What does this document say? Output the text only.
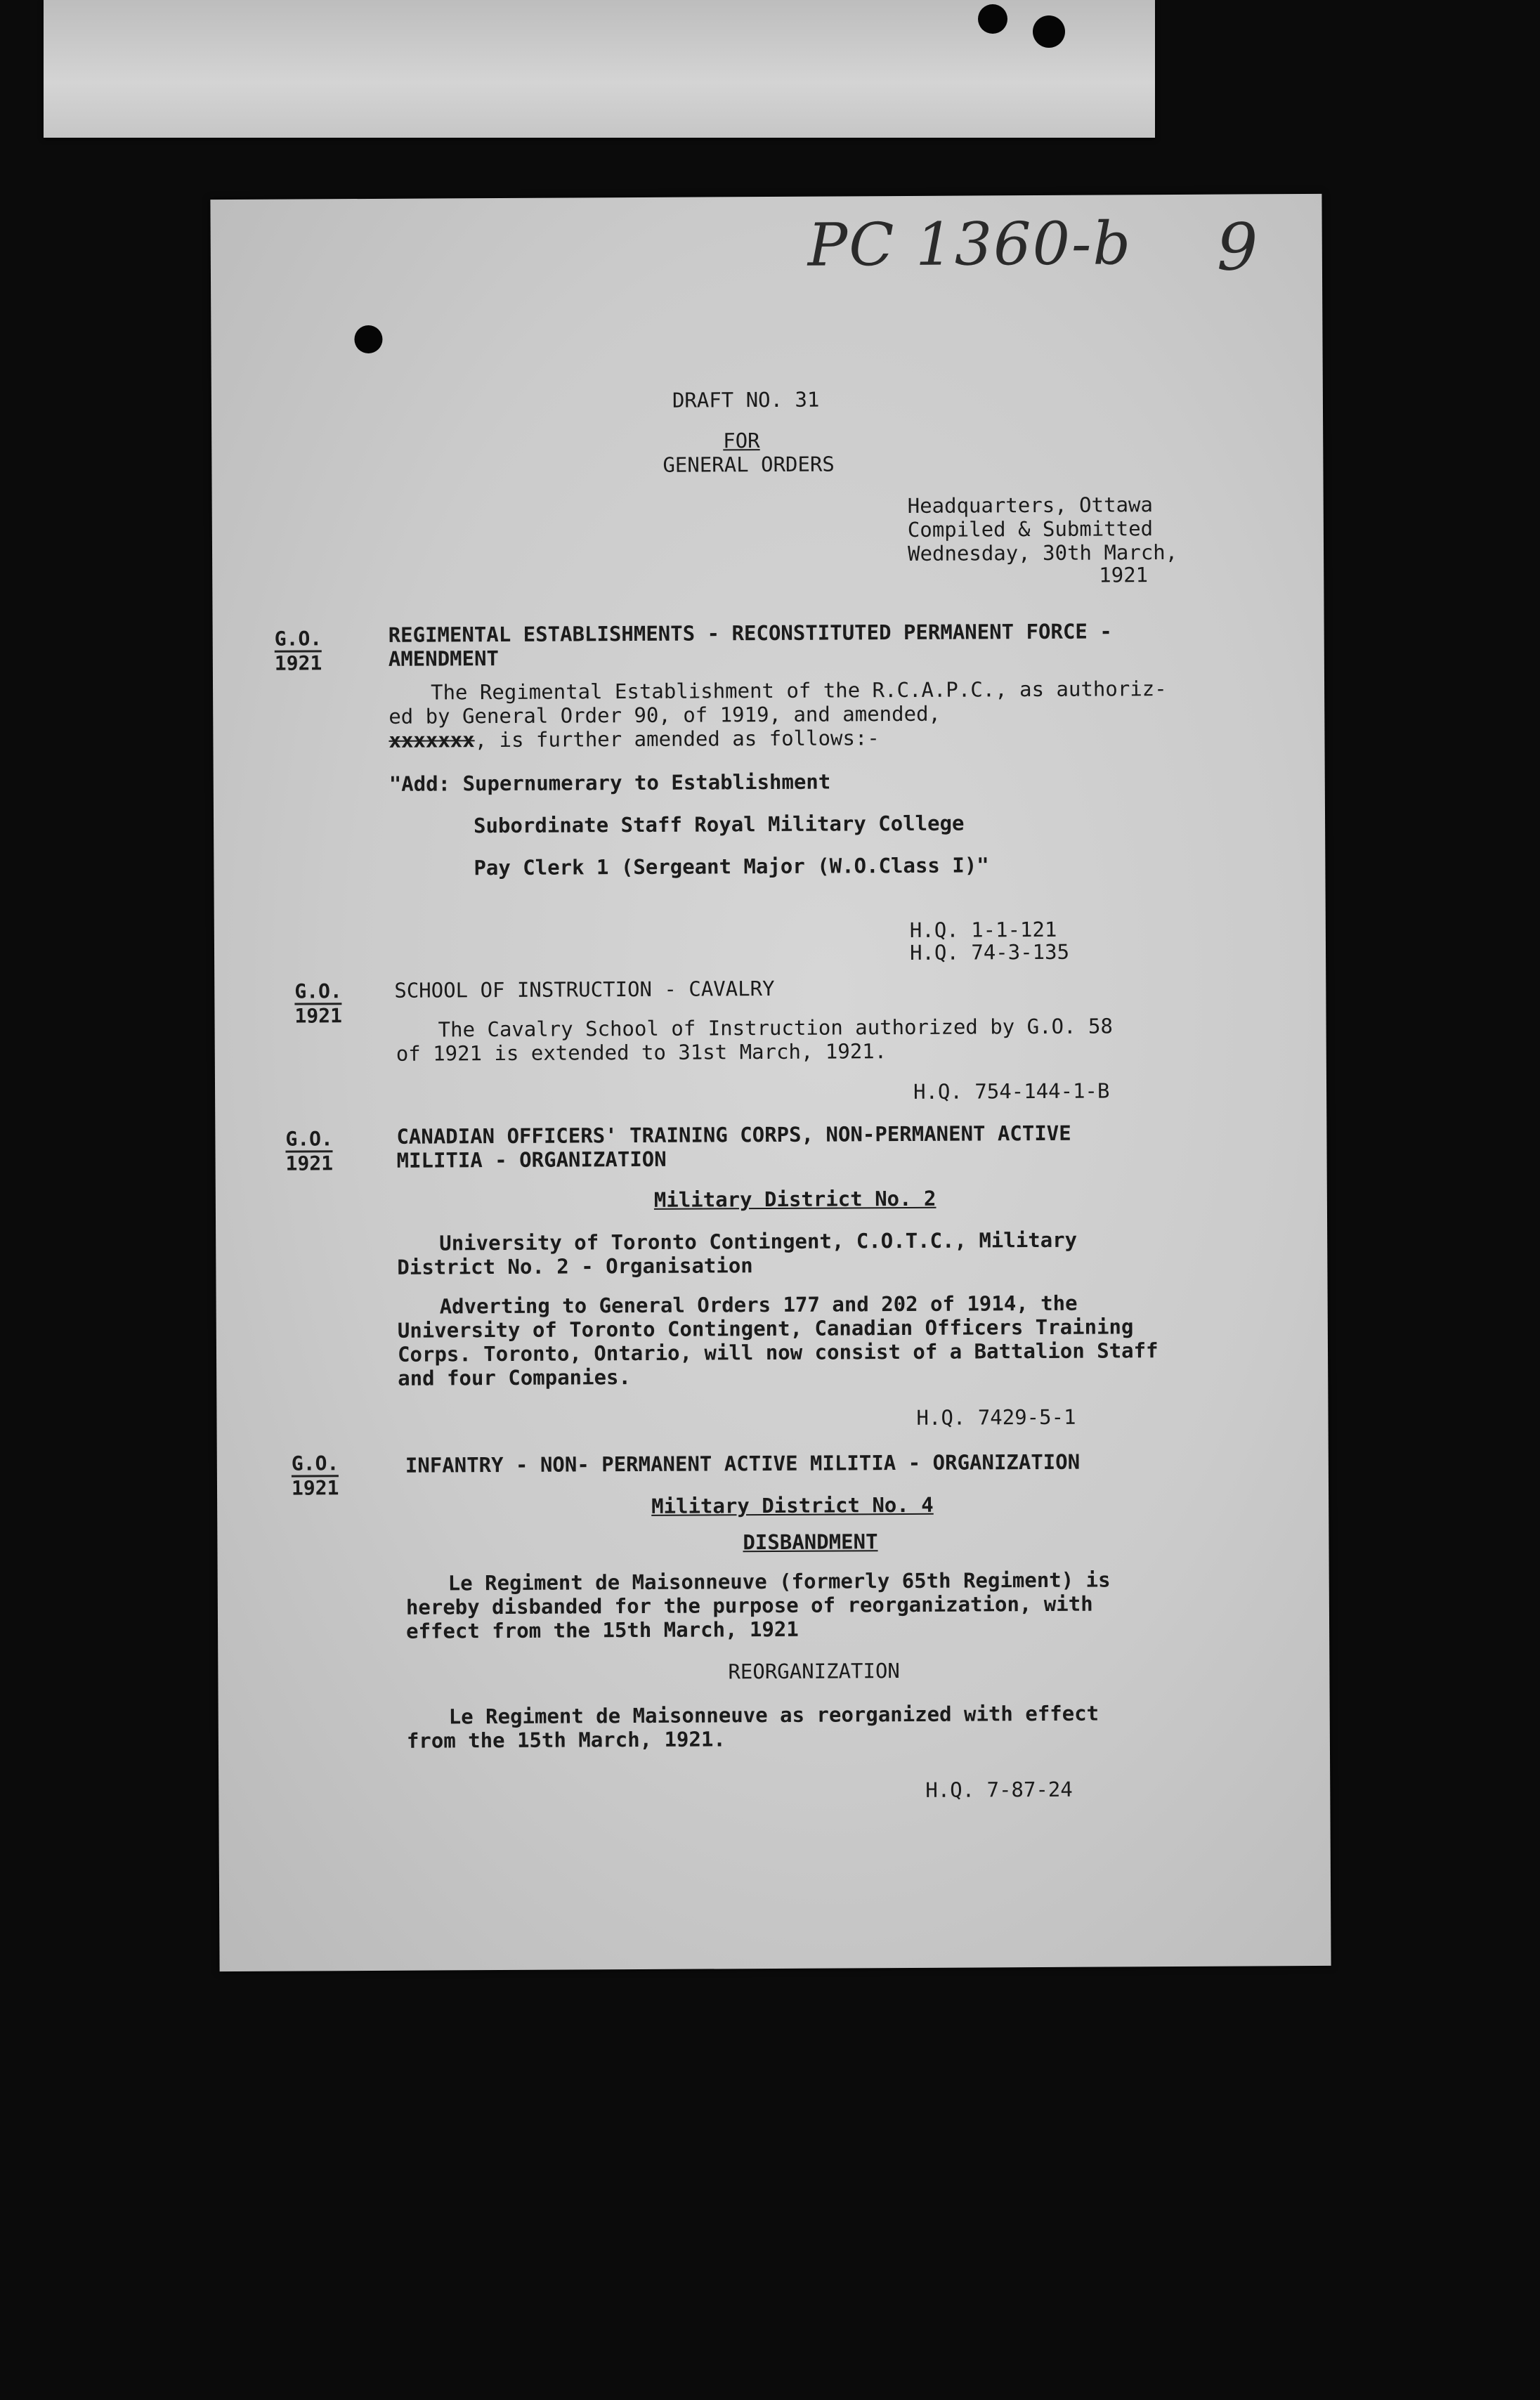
PC 1360-b 9
DRAFT NO. 31
FOR
GENERAL ORDERS
Headquarters, Ottawa
Compiled & Submitted
Wednesday, 30th March,
1921
G.O.
1921
REGIMENTAL ESTABLISHMENTS - RECONSTITUTED PERMANENT FORCE -
AMENDMENT
The Regimental Establishment of the R.C.A.P.C., as authoriz-
ed by General Order 90, of 1919, and amended,
xxxxxxx, is further amended as follows:-
"Add: Supernumerary to Establishment
Subordinate Staff Royal Military College
Pay Clerk 1 (Sergeant Major (W.O.Class I)"
H.Q. 1-1-121
H.Q. 74-3-135
G.O.
1921
SCHOOL OF INSTRUCTION - CAVALRY
The Cavalry School of Instruction authorized by G.O. 58
of 1921 is extended to 31st March, 1921.
H.Q. 754-144-1-B
G.O.
1921
CANADIAN OFFICERS' TRAINING CORPS, NON-PERMANENT ACTIVE
MILITIA - ORGANIZATION
Military District No. 2
University of Toronto Contingent, C.O.T.C., Military
District No. 2 - Organisation
Adverting to General Orders 177 and 202 of 1914, the
University of Toronto Contingent, Canadian Officers Training
Corps. Toronto, Ontario, will now consist of a Battalion Staff
and four Companies.
H.Q. 7429-5-1
G.O.
1921
INFANTRY - NON- PERMANENT ACTIVE MILITIA - ORGANIZATION
Military District No. 4
DISBANDMENT
Le Regiment de Maisonneuve (formerly 65th Regiment) is
hereby disbanded for the purpose of reorganization, with
effect from the 15th March, 1921
REORGANIZATION
Le Regiment de Maisonneuve as reorganized with effect
from the 15th March, 1921.
H.Q. 7-87-24
